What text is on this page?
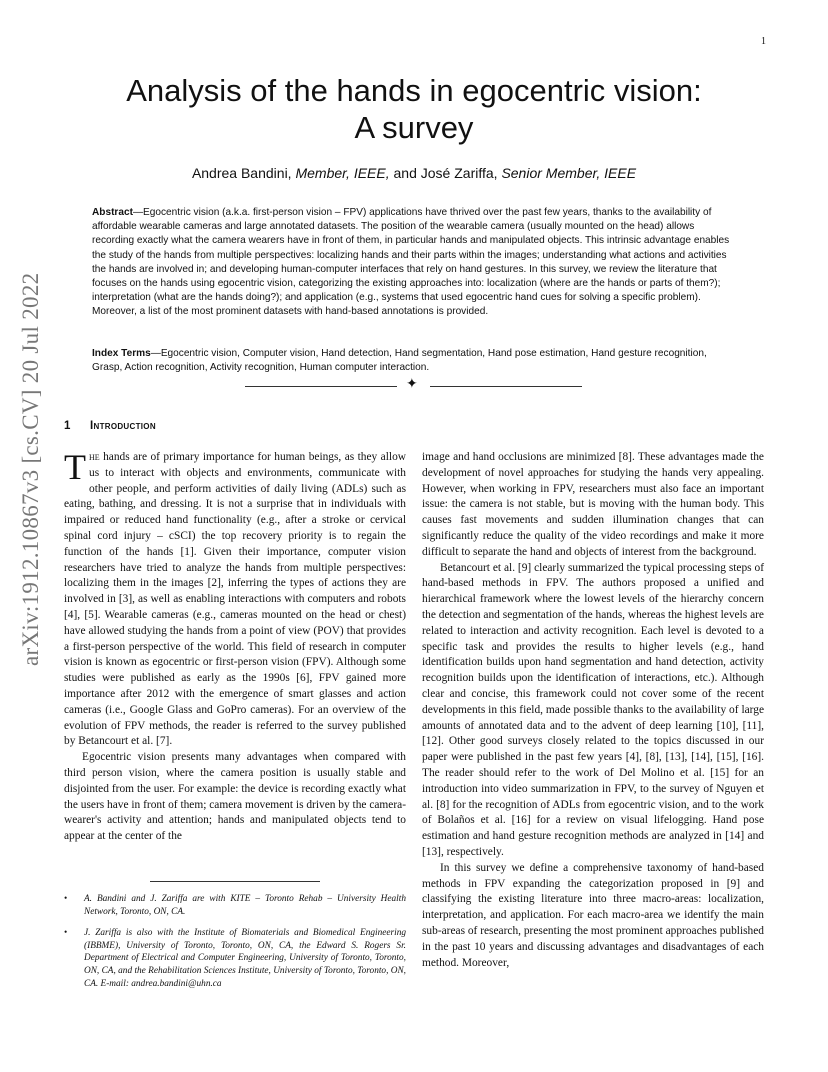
1
arXiv:1912.10867v3 [cs.CV] 20 Jul 2022
Analysis of the hands in egocentric vision:
A survey
Andrea Bandini, Member, IEEE, and José Zariffa, Senior Member, IEEE
Abstract—Egocentric vision (a.k.a. first-person vision – FPV) applications have thrived over the past few years, thanks to the availability of affordable wearable cameras and large annotated datasets. The position of the wearable camera (usually mounted on the head) allows recording exactly what the camera wearers have in front of them, in particular hands and manipulated objects. This intrinsic advantage enables the study of the hands from multiple perspectives: localizing hands and their parts within the images; understanding what actions and activities the hands are involved in; and developing human-computer interfaces that rely on hand gestures. In this survey, we review the literature that focuses on the hands using egocentric vision, categorizing the existing approaches into: localization (where are the hands or parts of them?); interpretation (what are the hands doing?); and application (e.g., systems that used egocentric hand cues for solving a specific problem). Moreover, a list of the most prominent datasets with hand-based annotations is provided.
Index Terms—Egocentric vision, Computer vision, Hand detection, Hand segmentation, Hand pose estimation, Hand gesture recognition, Grasp, Action recognition, Activity recognition, Human computer interaction.
✦
1 Introduction

The hands are of primary importance for human beings, as they allow us to interact with objects and environments, communicate with other people, and perform activities of daily living (ADLs) such as eating, bathing, and dressing. It is not a surprise that in individuals with impaired or reduced hand functionality (e.g., after a stroke or cervical spinal cord injury – cSCI) the top recovery priority is to regain the function of the hands [1]. Given their importance, computer vision researchers have tried to analyze the hands from multiple perspectives: localizing them in the images [2], inferring the types of actions they are involved in [3], as well as enabling interactions with computers and robots [4], [5]. Wearable cameras (e.g., cameras mounted on the head or chest) have allowed studying the hands from a point of view (POV) that provides a first-person perspective of the world. This field of research in computer vision is known as egocentric or first-person vision (FPV). Although some studies were published as early as the 1990s [6], FPV gained more importance after 2012 with the emergence of smart glasses and action cameras (i.e., Google Glass and GoPro cameras). For an overview of the evolution of FPV methods, the reader is referred to the survey published by Betancourt et al. [7].

Egocentric vision presents many advantages when compared with third person vision, where the camera position is usually stable and disjointed from the user. For example: the device is recording exactly what the users have in front of them; camera movement is driven by the camera-wearer's activity and attention; hands and manipulated objects tend to appear at the center of the

• A. Bandini and J. Zariffa are with KITE – Toronto Rehab – University Health Network, Toronto, ON, CA.
• J. Zariffa is also with the Institute of Biomaterials and Biomedical Engineering (IBBME), University of Toronto, Toronto, ON, CA, the Edward S. Rogers Sr. Department of Electrical and Computer Engineering, University of Toronto, Toronto, ON, CA, and the Rehabilitation Sciences Institute, University of Toronto, Toronto, ON, CA. E-mail: andrea.bandini@uhn.ca

image and hand occlusions are minimized [8]. These advantages made the development of novel approaches for studying the hands very appealing. However, when working in FPV, researchers must also face an important issue: the camera is not stable, but is moving with the human body. This causes fast movements and sudden illumination changes that can significantly reduce the quality of the video recordings and make it more difficult to separate the hand and objects of interest from the background.

Betancourt et al. [9] clearly summarized the typical processing steps of hand-based methods in FPV. The authors proposed a unified and hierarchical framework where the lowest levels of the hierarchy concern the detection and segmentation of the hands, whereas the highest levels are related to interaction and activity recognition. Each level is devoted to a specific task and provides the results to higher levels (e.g., hand identification builds upon hand segmentation and hand detection, activity recognition builds upon the identification of interactions, etc.). Although clear and concise, this framework could not cover some of the recent developments in this field, made possible thanks to the availability of large amounts of annotated data and to the advent of deep learning [10], [11], [12]. Other good surveys closely related to the topics discussed in our paper were published in the past few years [4], [8], [13], [14], [15], [16]. The reader should refer to the work of Del Molino et al. [15] for an introduction into video summarization in FPV, to the survey of Nguyen et al. [8] for the recognition of ADLs from egocentric vision, and to the work of Bolaños et al. [16] for a review on visual lifelogging. Hand pose estimation and hand gesture recognition methods are analyzed in [14] and [13], respectively.

In this survey we define a comprehensive taxonomy of hand-based methods in FPV expanding the categorization proposed in [9] and classifying the existing literature into three macro-areas: localization, interpretation, and application. For each macro-area we identify the main sub-areas of research, presenting the most prominent approaches published in the past 10 years and discussing advantages and disadvantages of each method. Moreover,
